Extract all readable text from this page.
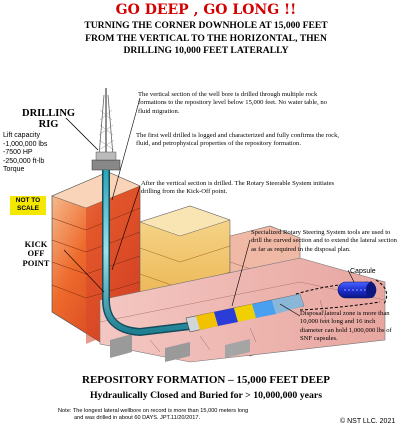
GO DEEP , GO LONG !!
TURNING THE CORNER DOWNHOLE AT 15,000 FEET
FROM THE VERTICAL TO THE HORIZONTAL, THEN
DRILLING 10,000 FEET LATERALLY
DRILLING
RIG
Lift capacity
-1,000,000 lbs
-7500 HP
-250,000 ft-lb
Torque
NOT TO
SCALE
KICK
OFF
POINT
The vertical section of the well bore is drilled through multiple rock formations to the repository level below 15,000 feet. No water table, no fluid migration.
The first well drilled is logged and characterized and fully confirms the rock, fluid, and petrophysical properties of the repository formation.
After the vertical section is drilled. The Rotary Steerable System initiates drilling from the Kick-Off point.
Specialized Rotary Steering System tools are used to drill the curved section and to extend the lateral section as far as required in the disposal plan.
Disposal lateral zone is more than 10,000 feet long and 16 inch diameter can hold 1,000,000 lbs of SNF capsules.
Capsule
REPOSITORY FORMATION – 15,000 FEET DEEP
Hydraulically Closed and Buried for > 10,000,000 years
Note: The longest lateral wellbore on record is more than 15,000 meters long
and was drilled in about 60 DAYS. JPT.11/20/2017.	© NST LLC. 2021
